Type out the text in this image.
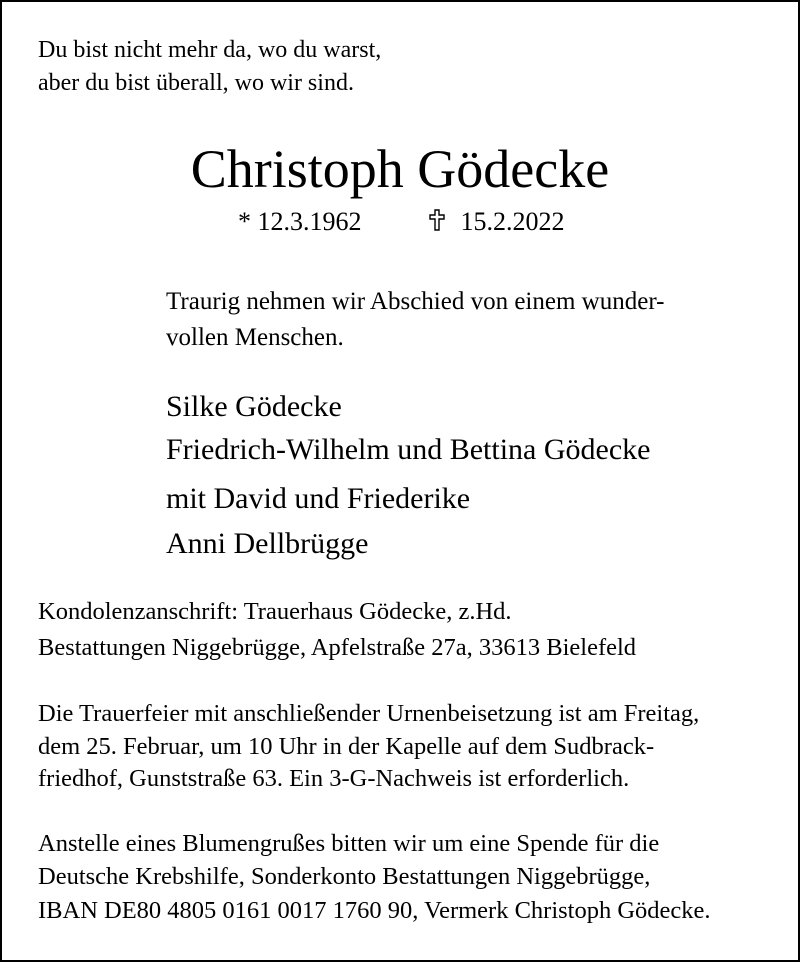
Du bist nicht mehr da, wo du warst,
aber du bist überall, wo wir sind.
Christoph Gödecke
* 12.3.1962	15.2.2022
Traurig nehmen wir Abschied von einem wunder-
vollen Menschen.
Silke Gödecke
Friedrich-Wilhelm und Bettina Gödecke
mit David und Friederike
Anni Dellbrügge
Kondolenzanschrift: Trauerhaus Gödecke, z.Hd.
Bestattungen Niggebrügge, Apfelstraße 27a, 33613 Bielefeld
Die Trauerfeier mit anschließender Urnenbeisetzung ist am Freitag,
dem 25. Februar, um 10 Uhr in der Kapelle auf dem Sudbrack-
friedhof, Gunststraße 63. Ein 3-G-Nachweis ist erforderlich.
Anstelle eines Blumengrußes bitten wir um eine Spende für die
Deutsche Krebshilfe, Sonderkonto Bestattungen Niggebrügge,
IBAN DE80 4805 0161 0017 1760 90, Vermerk Christoph Gödecke.
